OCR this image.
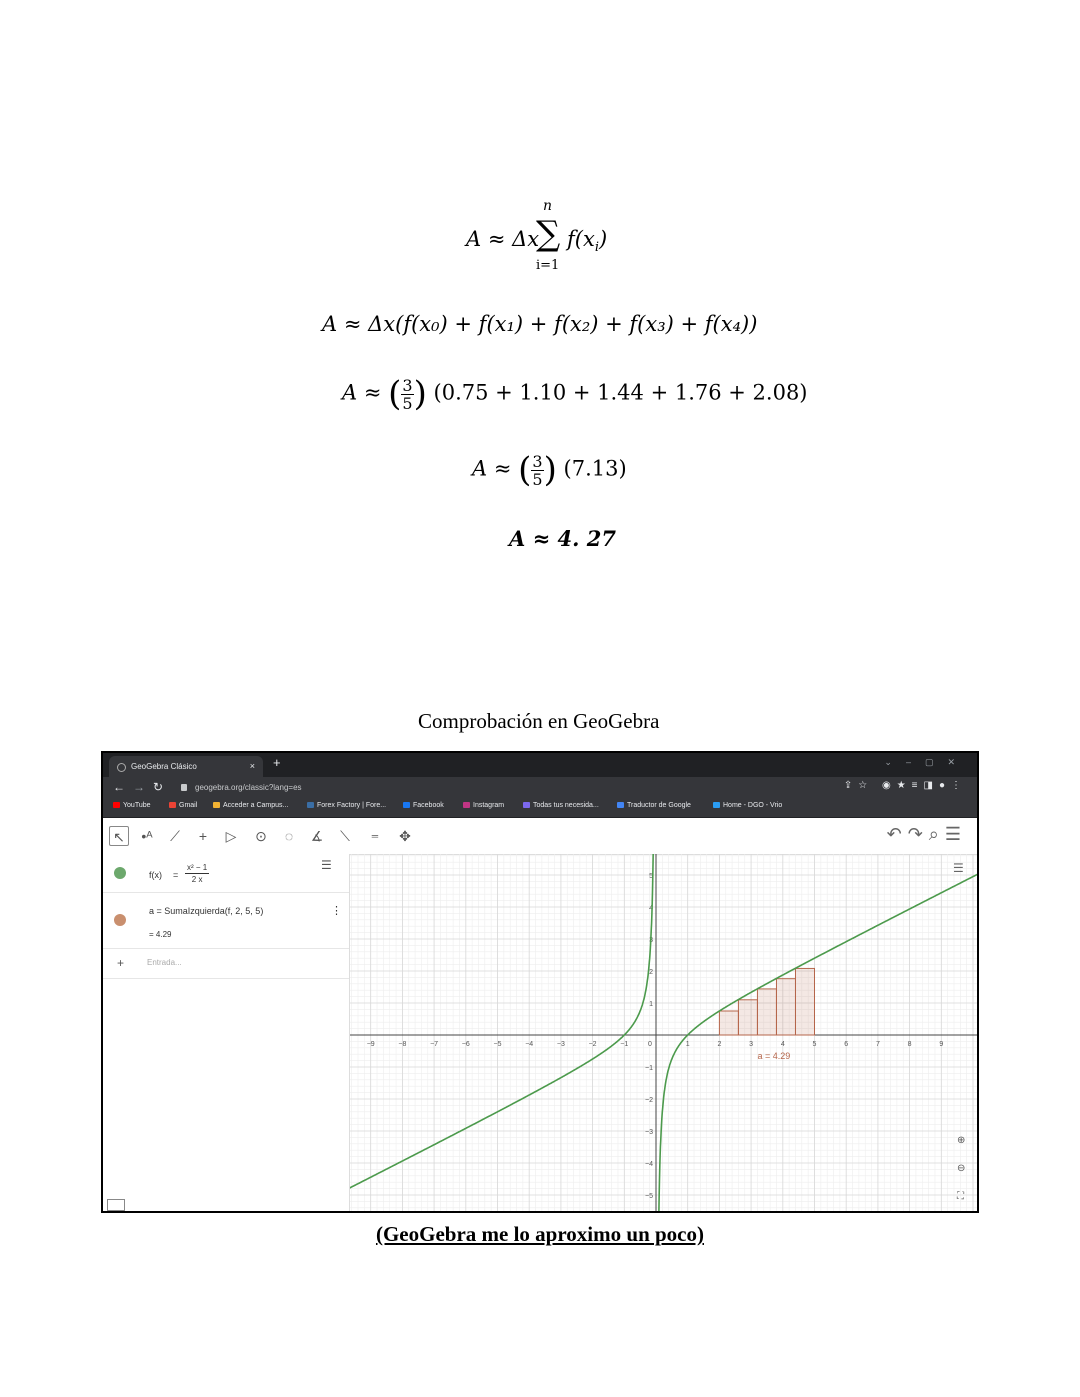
A ≈ Δx
n
∑
i=1
$f(x_i)$
A ≈ Δx(f(x₀) + f(x₁) + f(x₂) + f(x₃) + f(x₄))
A ≈ ( $\frac{3}{5}$ ) (0.75 + 1.10 + 1.44 + 1.76 + 2.08)
A ≈ ( $\frac{3}{5}$ ) (7.13)
A ≈ 4. 27
Comprobación en GeoGebra
GeoGebra Clásico	× +	⌄–▢✕
← → ↻	geogebra.org/classic?lang=es	⇪☆ ◉★≡◨●⋮
YouTube	Gmail	Acceder a Campus...	Forex Factory | Fore...	Facebook	Instagram	Todas tus necesida...	Traductor de Google	Home - DGO - Vrio
↖	•ᴬ	⟋	+	▷	⊙	◌	∡	⟍	═	✥	↶↷⌕☰
$f(x) = \frac{\text{x² − 1}}{2 x}$	☰
a = SumaIzquierda(f, 2, 5, 5)
= 4.29
⋮
+	Entrada...
−9	−8	−7	−6	−5	−4	−3	−2	−1	1	2	3	4	5	6	7	8	9
0
5
4
3
2
1
−1
−2
−3
−4
−5
a = 4.29
⊕
⊖
⛶
☰
(GeoGebra me lo aproximo un poco)
